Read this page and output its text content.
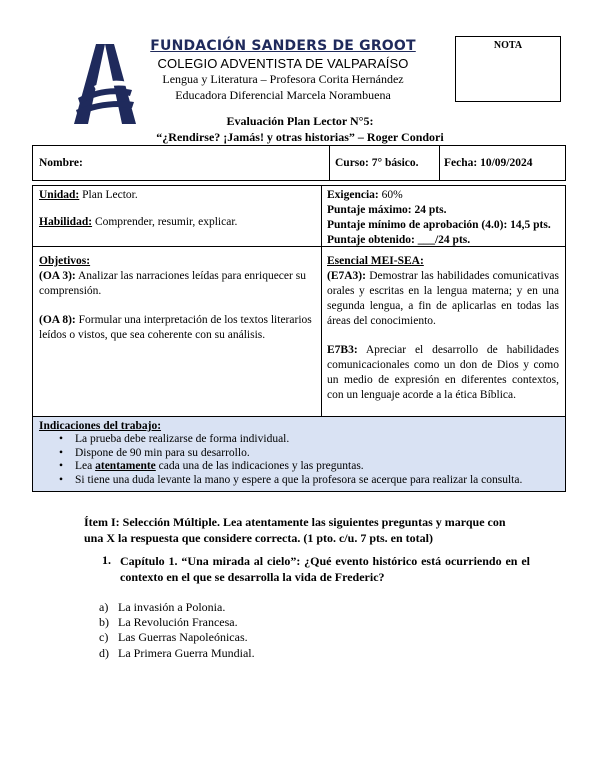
FUNDACIÓN SANDERS DE GROOT
COLEGIO ADVENTISTA DE VALPARAÍSO
Lengua y Literatura – Profesora Corita Hernández
Educadora Diferencial Marcela Norambuena
NOTA
Evaluación Plan Lector N°5:
“¿Rendirse? ¡Jamás! y otras historias” – Roger Condori
Nombre:	Curso: 7° básico. Fecha: 10/09/2024
Unidad: Plan Lector.
Habilidad: Comprender, resumir, explicar.
Exigencia: 60%
Puntaje máximo: 24 pts.
Puntaje mínimo de aprobación (4.0): 14,5 pts.
Puntaje obtenido: ___/24 pts.
Objetivos:
(OA 3): Analizar las narraciones leídas para enriquecer su comprensión.
(OA 8): Formular una interpretación de los textos literarios leídos o vistos, que sea coherente con su análisis.
Esencial MEI-SEA:
(E7A3): Demostrar las habilidades comunicativas orales y escritas en la lengua materna; y en una segunda lengua, a fin de aplicarlas en todas las áreas del conocimiento.
E7B3: Apreciar el desarrollo de habilidades comunicacionales como un don de Dios y como un medio de expresión en diferentes contextos, con un lenguaje acorde a la ética Bíblica.
Indicaciones del trabajo:
• La prueba debe realizarse de forma individual.
• Dispone de 90 min para su desarrollo.
• Lea atentamente cada una de las indicaciones y las preguntas.
• Si tiene una duda levante la mano y espere a que la profesora se acerque para realizar la consulta.
Ítem I: Selección Múltiple. Lea atentamente las siguientes preguntas y marque con una X la respuesta que considere correcta. (1 pto. c/u. 7 pts. en total)
1. Capítulo 1. “Una mirada al cielo”: ¿Qué evento histórico está ocurriendo en el contexto en el que se desarrolla la vida de Frederic?
a) La invasión a Polonia.
b) La Revolución Francesa.
c) Las Guerras Napoleónicas.
d) La Primera Guerra Mundial.
